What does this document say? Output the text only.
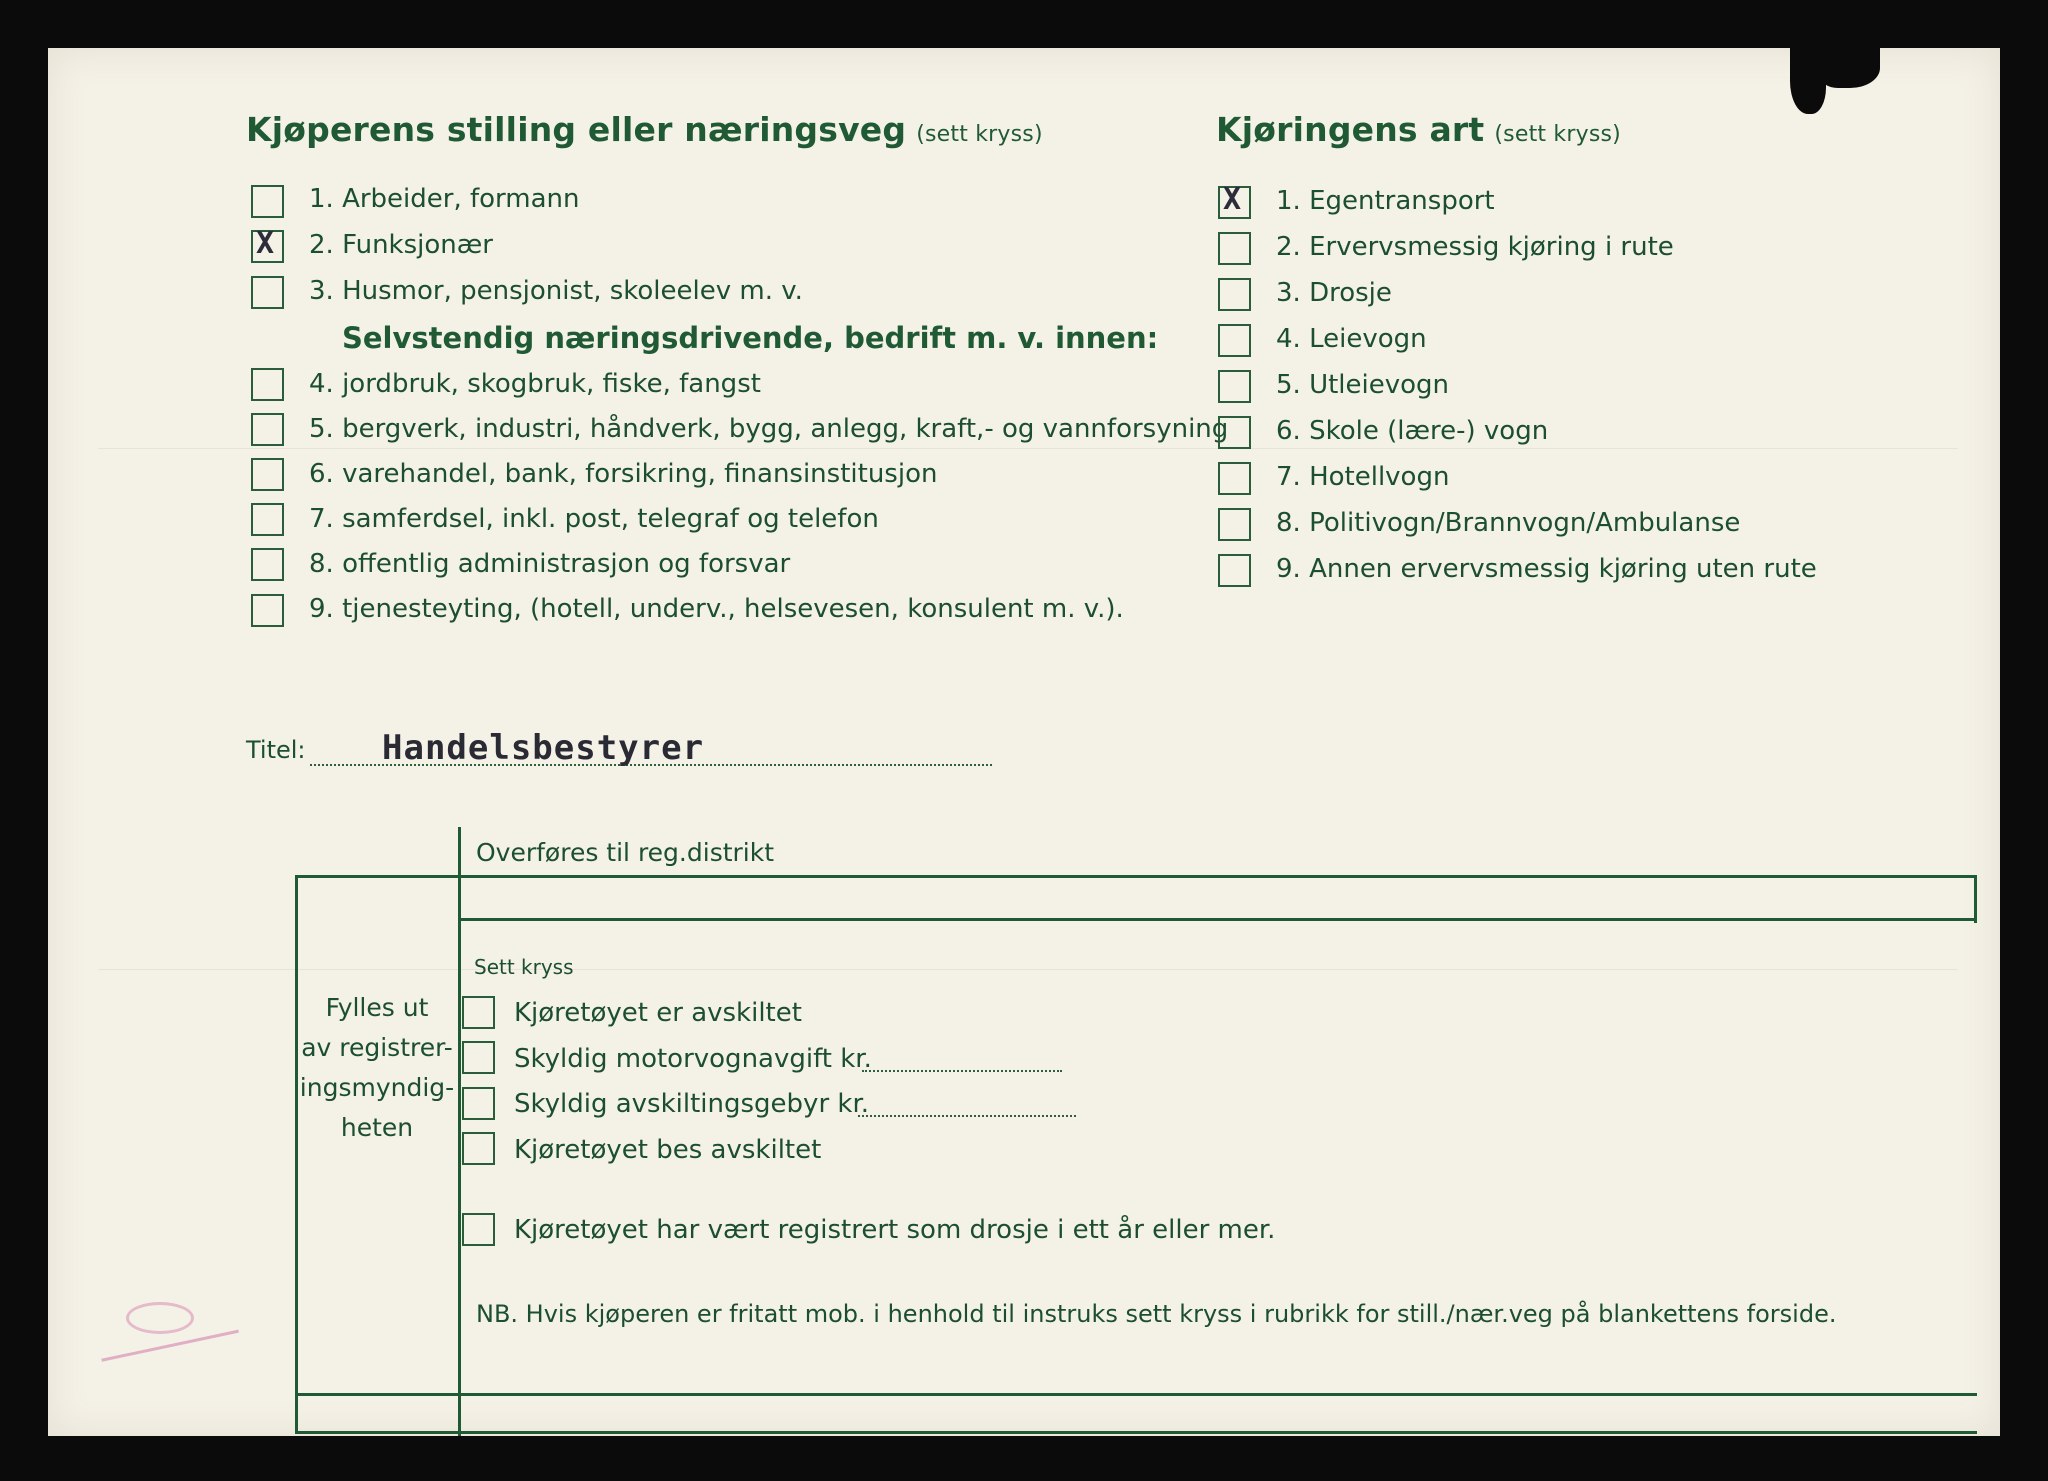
Kjøperens stilling eller næringsveg (sett kryss)
1. Arbeider, formann
X 2. Funksjonær
3. Husmor, pensjonist, skoleelev m. v.
Selvstendig næringsdrivende, bedrift m. v. innen:
4. jordbruk, skogbruk, fiske, fangst
5. bergverk, industri, håndverk, bygg, anlegg, kraft,- og vannforsyning
6. varehandel, bank, forsikring, finansinstitusjon
7. samferdsel, inkl. post, telegraf og telefon
8. offentlig administrasjon og forsvar
9. tjenesteyting, (hotell, underv., helsevesen, konsulent m. v.).
Kjøringens art (sett kryss)
X 1. Egentransport
2. Ervervsmessig kjøring i rute
3. Drosje
4. Leievogn
5. Utleievogn
6. Skole (lære-) vogn
7. Hotellvogn
8. Politivogn/Brannvogn/Ambulanse
9. Annen ervervsmessig kjøring uten rute
Titel: Handelsbestyrer
Fylles ut
av registrer-
ingsmyndig-
heten
Overføres til reg.distrikt
Sett kryss
Kjøretøyet er avskiltet
Skyldig motorvognavgift kr.
Skyldig avskiltingsgebyr kr.
Kjøretøyet bes avskiltet
Kjøretøyet har vært registrert som drosje i ett år eller mer.
NB. Hvis kjøperen er fritatt mob. i henhold til instruks sett kryss i rubrikk for still./nær.veg på blankettens forside.
